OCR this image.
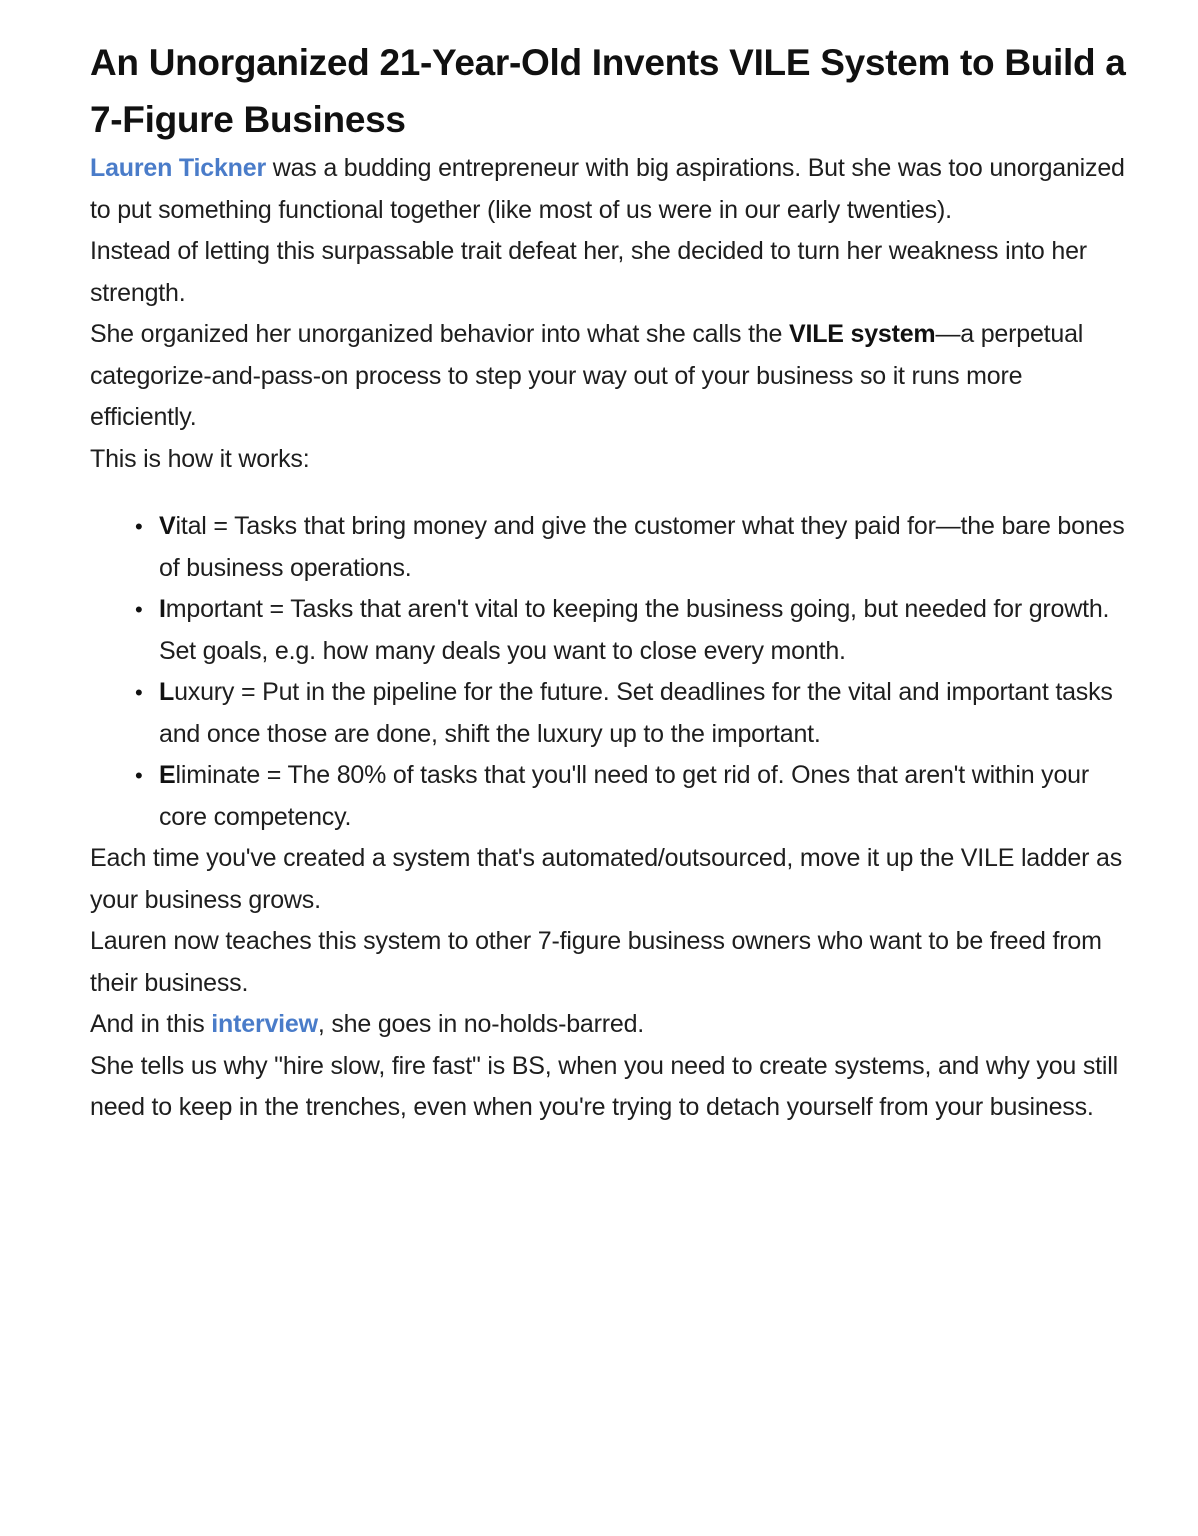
An Unorganized 21-Year-Old Invents VILE System to Build a 7-Figure Business

Lauren Tickner was a budding entrepreneur with big aspirations. But she was too unorganized to put something functional together (like most of us were in our early twenties).

Instead of letting this surpassable trait defeat her, she decided to turn her weakness into her strength.

She organized her unorganized behavior into what she calls the VILE system—a perpetual categorize-and-pass-on process to step your way out of your business so it runs more efficiently.

This is how it works:

• Vital = Tasks that bring money and give the customer what they paid for—the bare bones of business operations.
• Important = Tasks that aren't vital to keeping the business going, but needed for growth. Set goals, e.g. how many deals you want to close every month.
• Luxury = Put in the pipeline for the future. Set deadlines for the vital and important tasks and once those are done, shift the luxury up to the important.
• Eliminate = The 80% of tasks that you'll need to get rid of. Ones that aren't within your core competency.

Each time you've created a system that's automated/outsourced, move it up the VILE ladder as your business grows.

Lauren now teaches this system to other 7-figure business owners who want to be freed from their business.

And in this interview, she goes in no-holds-barred.

She tells us why "hire slow, fire fast" is BS, when you need to create systems, and why you still need to keep in the trenches, even when you're trying to detach yourself from your business.
